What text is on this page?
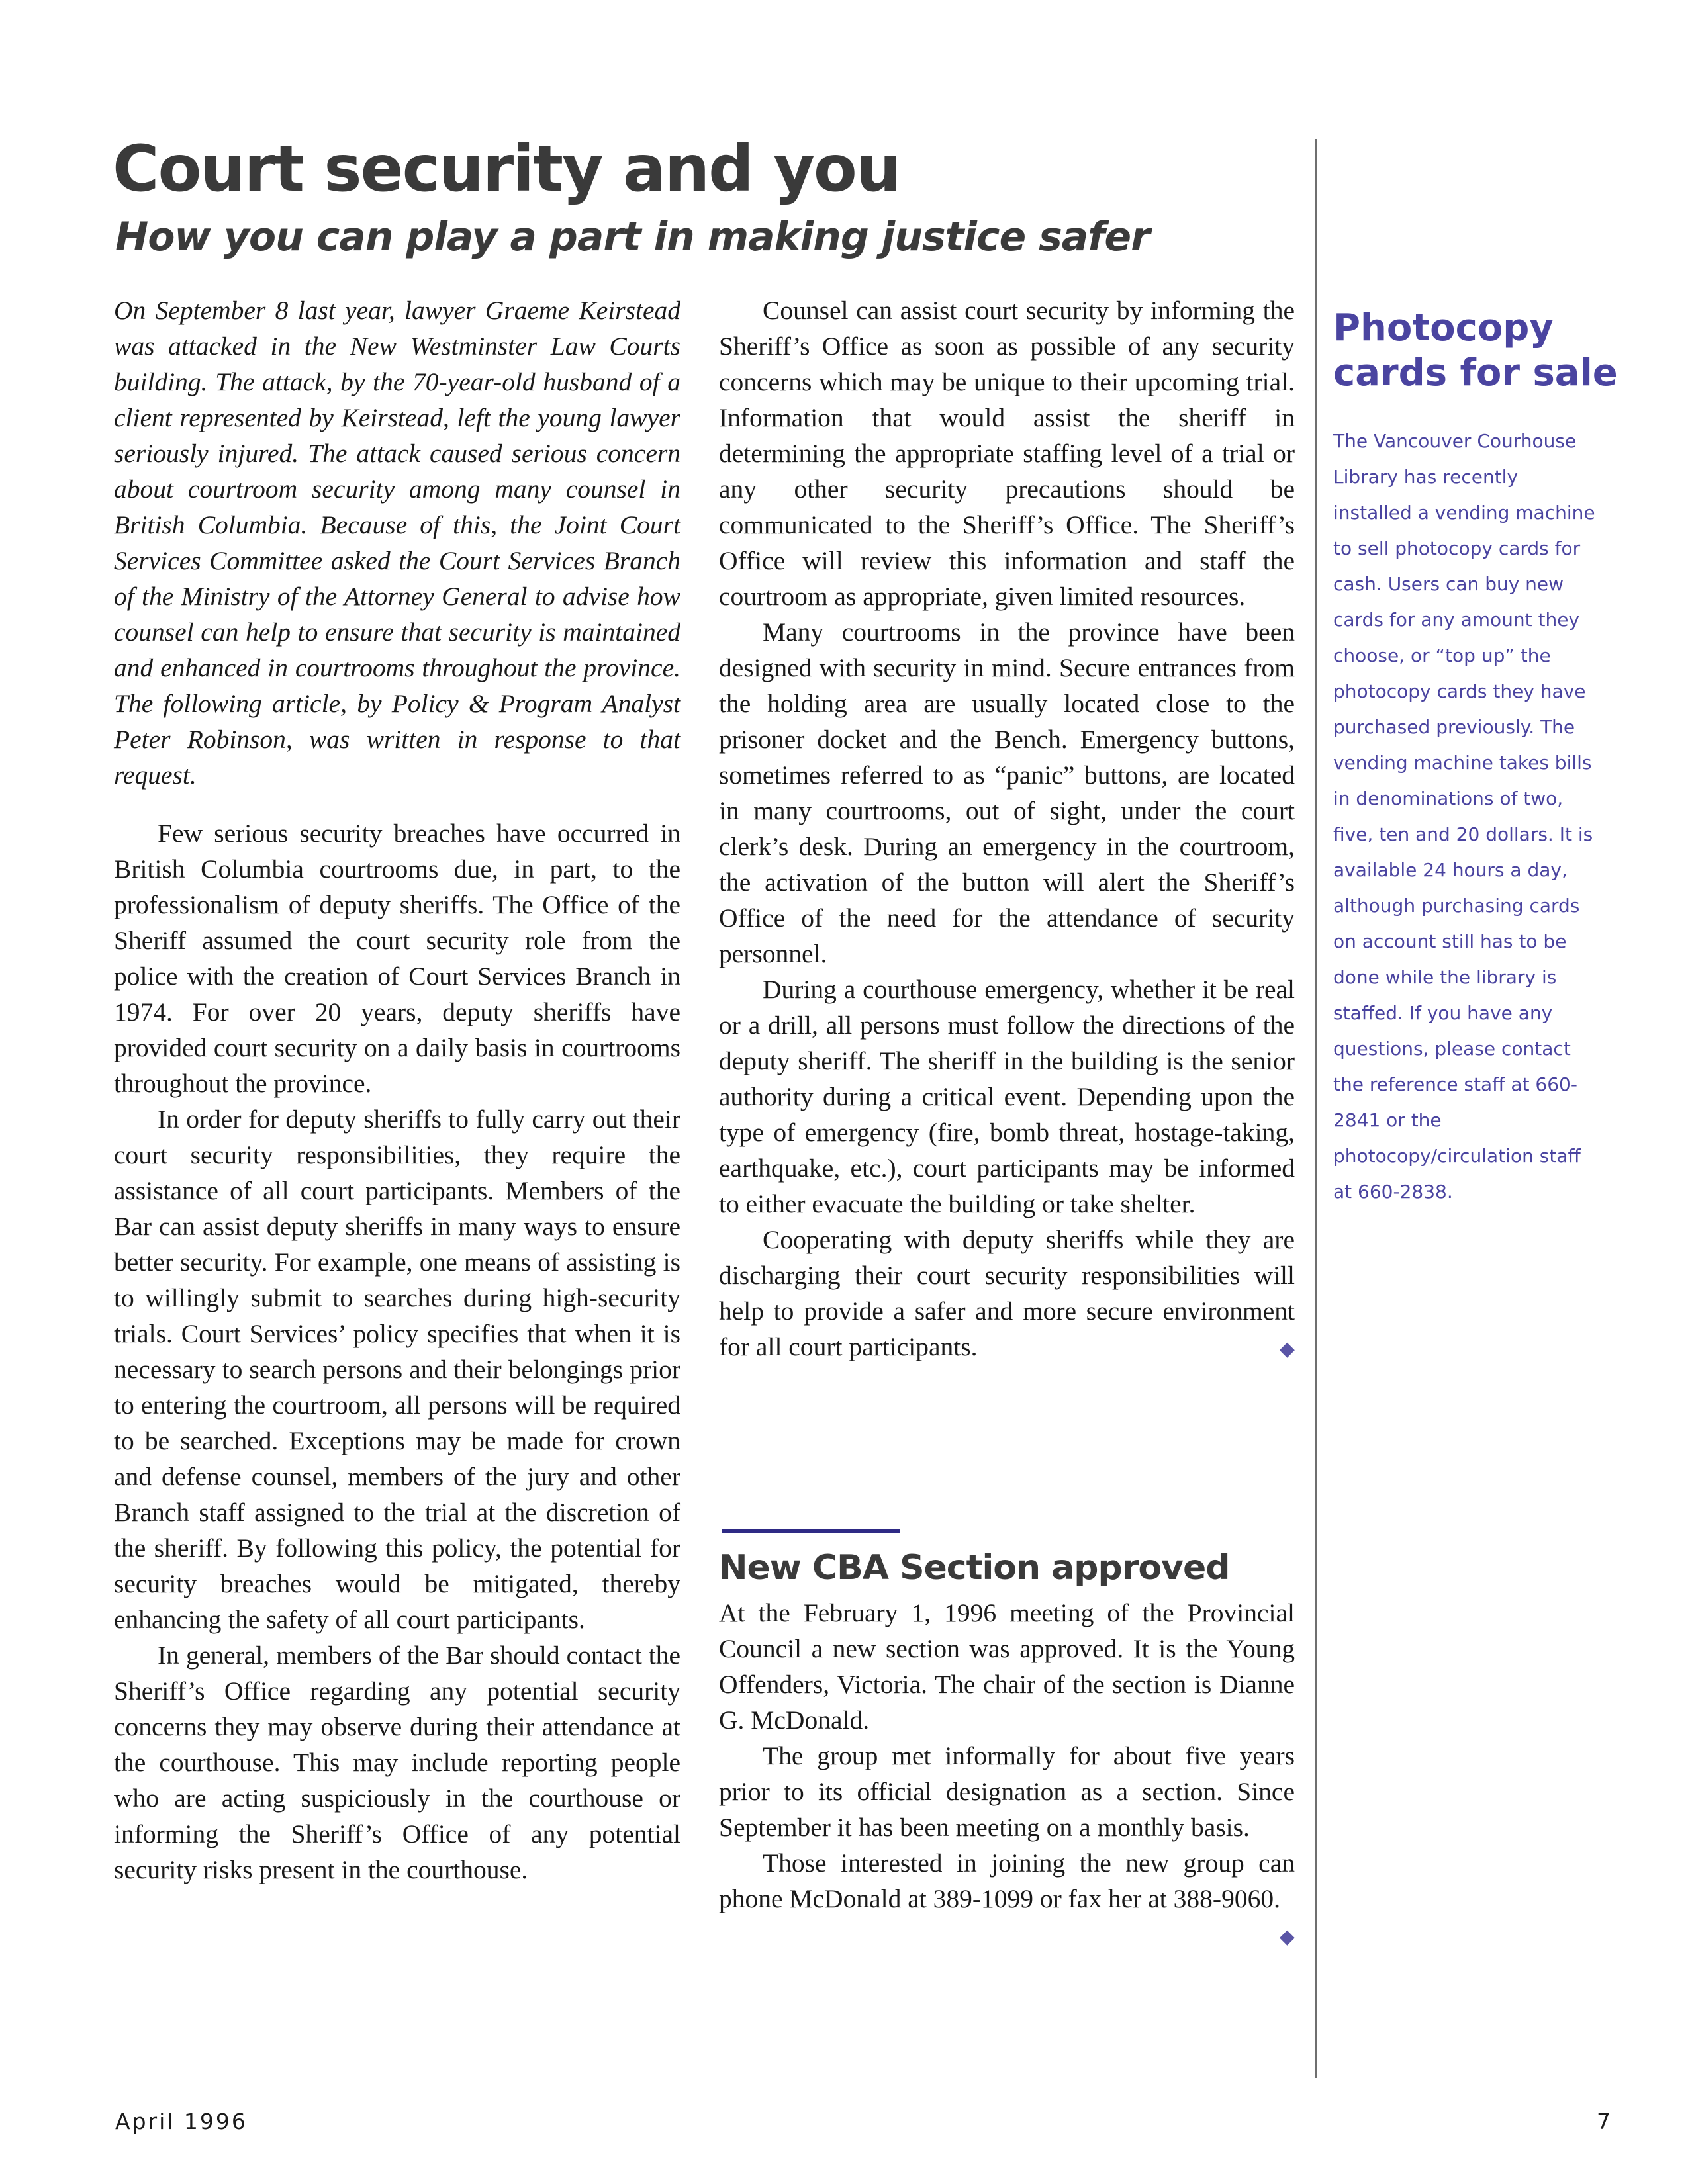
Court security and you
How you can play a part in making justice safer

On September 8 last year, lawyer Graeme Keirstead was attacked in the New Westminster Law Courts building. The attack, by the 70-year-old husband of a client represented by Keirstead, left the young lawyer seriously injured. The attack caused serious concern about courtroom security among many counsel in British Columbia. Because of this, the Joint Court Services Committee asked the Court Services Branch of the Ministry of the Attorney General to advise how counsel can help to ensure that security is maintained and enhanced in courtrooms throughout the province. The following article, by Policy & Program Analyst Peter Robinson, was written in response to that request.

Few serious security breaches have occurred in British Columbia courtrooms due, in part, to the professionalism of deputy sheriffs. The Office of the Sheriff assumed the court security role from the police with the creation of Court Services Branch in 1974. For over 20 years, deputy sheriffs have provided court security on a daily basis in courtrooms throughout the province.

In order for deputy sheriffs to fully carry out their court security responsibilities, they require the assistance of all court participants. Members of the Bar can assist deputy sheriffs in many ways to ensure better security. For example, one means of assisting is to willingly submit to searches during high-security trials. Court Services’ policy specifies that when it is necessary to search persons and their belongings prior to entering the courtroom, all persons will be required to be searched. Exceptions may be made for crown and defense counsel, members of the jury and other Branch staff assigned to the trial at the discretion of the sheriff. By following this policy, the potential for security breaches would be mitigated, thereby enhancing the safety of all court participants.

In general, members of the Bar should contact the Sheriff’s Office regarding any potential security concerns they may observe during their attendance at the courthouse. This may include reporting people who are acting suspiciously in the courthouse or informing the Sheriff’s Office of any potential security risks present in the courthouse.

Counsel can assist court security by informing the Sheriff’s Office as soon as possible of any security concerns which may be unique to their upcoming trial. Information that would assist the sheriff in determining the appropriate staffing level of a trial or any other security precautions should be communicated to the Sheriff’s Office. The Sheriff’s Office will review this information and staff the courtroom as appropriate, given limited resources.

Many courtrooms in the province have been designed with security in mind. Secure entrances from the holding area are usually located close to the prisoner docket and the Bench. Emergency buttons, sometimes referred to as “panic” buttons, are located in many courtrooms, out of sight, under the court clerk’s desk. During an emergency in the courtroom, the activation of the button will alert the Sheriff’s Office of the need for the attendance of security personnel.

During a courthouse emergency, whether it be real or a drill, all persons must follow the directions of the deputy sheriff. The sheriff in the building is the senior authority during a critical event. Depending upon the type of emergency (fire, bomb threat, hostage-taking, earthquake, etc.), court participants may be informed to either evacuate the building or take shelter.

Cooperating with deputy sheriffs while they are discharging their court security responsibilities will help to provide a safer and more secure environment for all court participants.	◆

New CBA Section approved

At the February 1, 1996 meeting of the Provincial Council a new section was approved. It is the Young Offenders, Victoria. The chair of the section is Dianne G. McDonald.

The group met informally for about five years prior to its official designation as a section. Since September it has been meeting on a monthly basis.

Those interested in joining the new group can phone McDonald at 389-1099 or fax her at 388-9060.
◆

Photocopy cards for sale

The Vancouver Courhouse Library has recently installed a vending machine to sell photocopy cards for cash. Users can buy new cards for any amount they choose, or “top up” the photocopy cards they have purchased previously. The vending machine takes bills in denominations of two, five, ten and 20 dollars. It is available 24 hours a day, although purchasing cards on account still has to be done while the library is staffed. If you have any questions, please contact the reference staff at 660-2841 or the photocopy/circulation staff at 660-2838.

April 1996	7
